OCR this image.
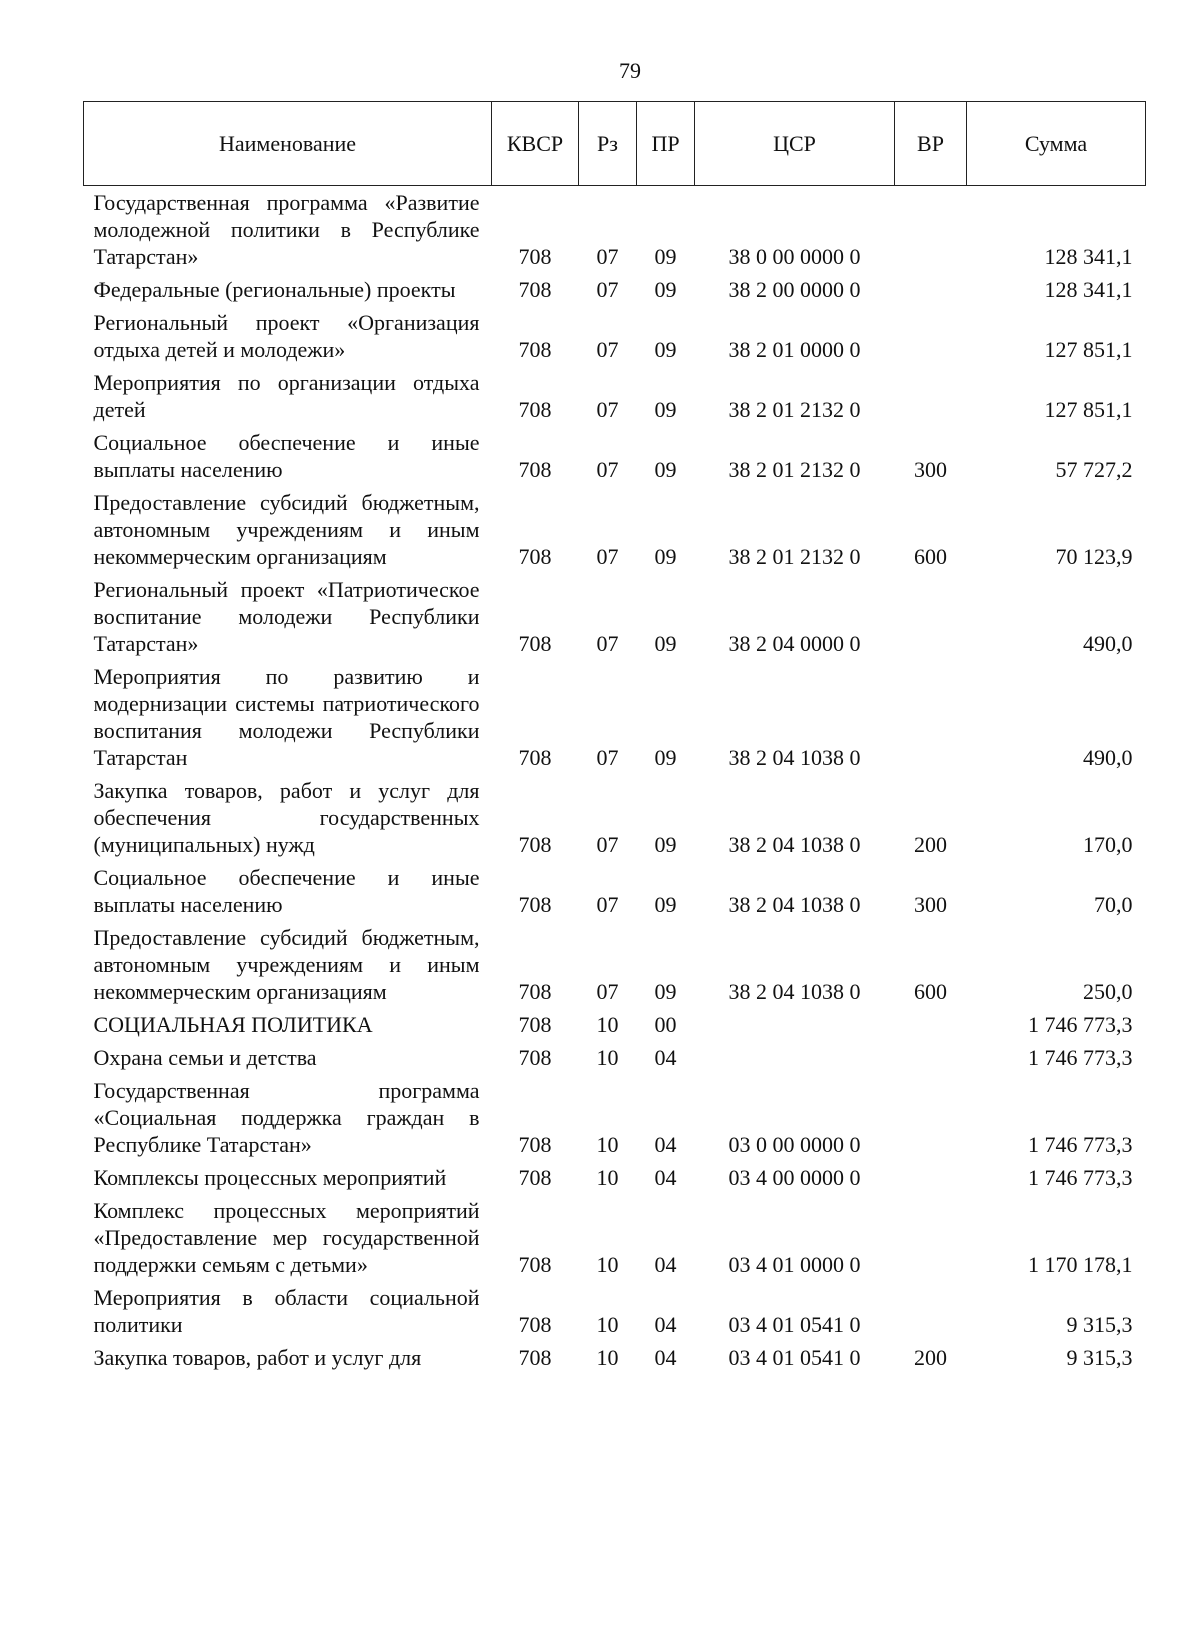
79
Наименование	КВСР	Рз	ПР	ЦСР	ВР	Сумма
Государственная программа «Развитие молодежной политики в Республике Татарстан»	708	07	09	38 0 00 0000 0		128 341,1
Федеральные (региональные) проекты	708	07	09	38 2 00 0000 0		128 341,1
Региональный проект «Организация отдыха детей и молодежи»	708	07	09	38 2 01 0000 0		127 851,1
Мероприятия по организации отдыха детей	708	07	09	38 2 01 2132 0		127 851,1
Социальное обеспечение и иные выплаты населению	708	07	09	38 2 01 2132 0	300	57 727,2
Предоставление субсидий бюджетным, автономным учреждениям и иным некоммерческим организациям	708	07	09	38 2 01 2132 0	600	70 123,9
Региональный проект «Патриотическое воспитание молодежи Республики Татарстан»	708	07	09	38 2 04 0000 0		490,0
Мероприятия по развитию и модернизации системы патриотического воспитания молодежи Республики Татарстан	708	07	09	38 2 04 1038 0		490,0
Закупка товаров, работ и услуг для обеспечения государственных (муниципальных) нужд	708	07	09	38 2 04 1038 0	200	170,0
Социальное обеспечение и иные выплаты населению	708	07	09	38 2 04 1038 0	300	70,0
Предоставление субсидий бюджетным, автономным учреждениям и иным некоммерческим организациям	708	07	09	38 2 04 1038 0	600	250,0
СОЦИАЛЬНАЯ ПОЛИТИКА	708	10	00			1 746 773,3
Охрана семьи и детства	708	10	04			1 746 773,3
Государственная программа «Социальная поддержка граждан в Республике Татарстан»	708	10	04	03 0 00 0000 0		1 746 773,3
Комплексы процессных мероприятий	708	10	04	03 4 00 0000 0		1 746 773,3
Комплекс процессных мероприятий «Предоставление мер государственной поддержки семьям с детьми»	708	10	04	03 4 01 0000 0		1 170 178,1
Мероприятия в области социальной политики	708	10	04	03 4 01 0541 0		9 315,3
Закупка товаров, работ и услуг для	708	10	04	03 4 01 0541 0	200	9 315,3
